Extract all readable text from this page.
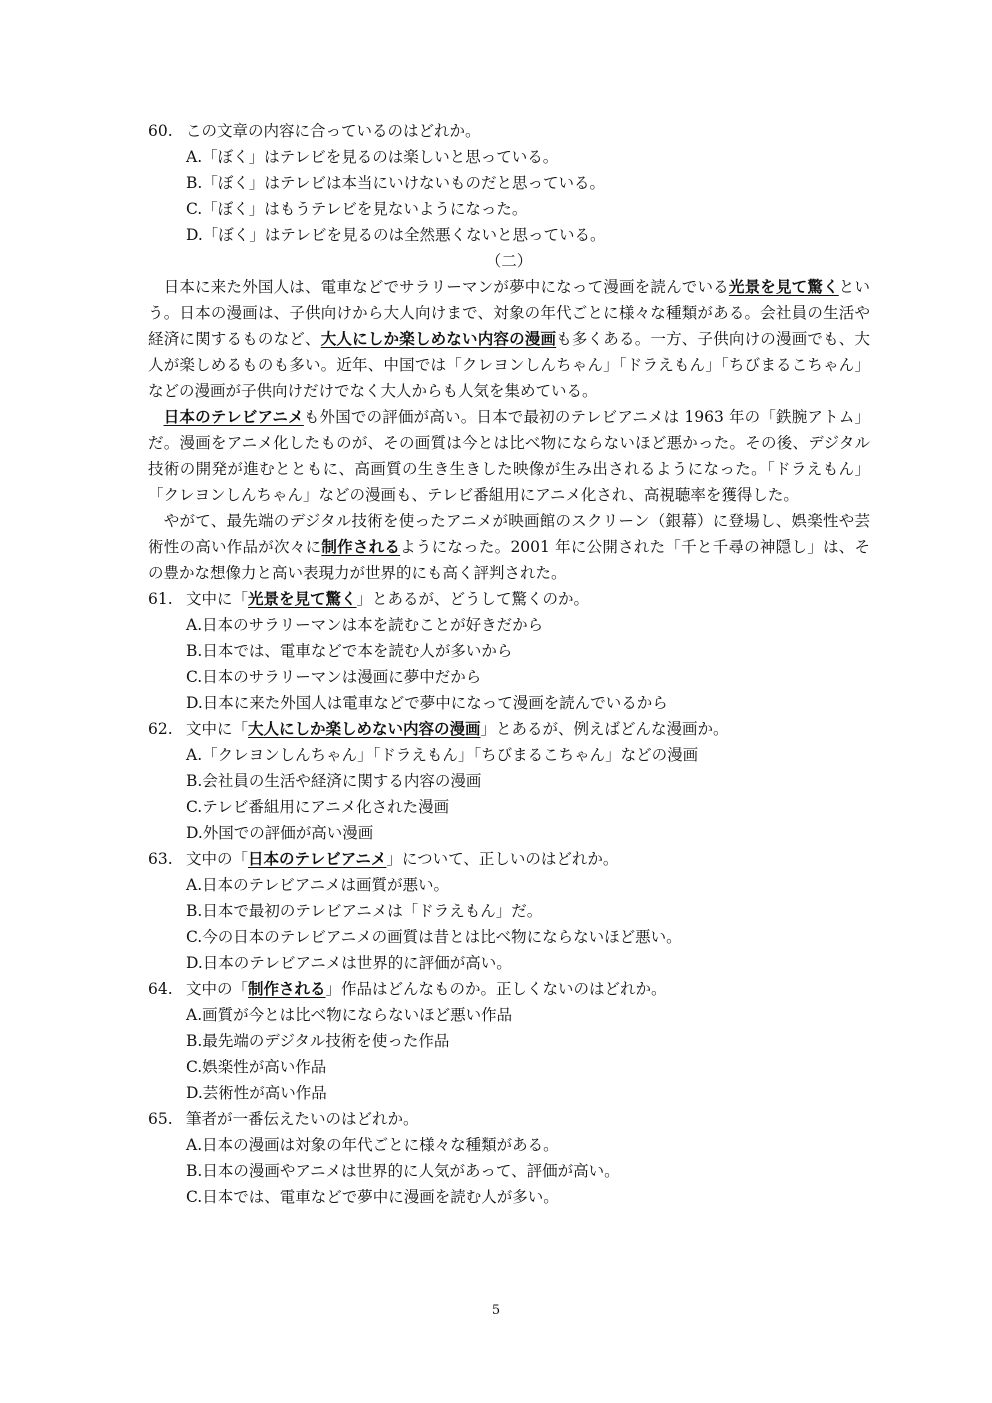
60. この文章の内容に合っているのはどれか。
A.「ぼく」はテレビを見るのは楽しいと思っている。
B.「ぼく」はテレビは本当にいけないものだと思っている。
C.「ぼく」はもうテレビを見ないようになった。
D.「ぼく」はテレビを見るのは全然悪くないと思っている。
（二）
 日本に来た外国人は、電車などでサラリーマンが夢中になって漫画を読んでいる光景を見て驚くという。日本の漫画は、子供向けから大人向けまで、対象の年代ごとに様々な種類がある。会社員の生活や経済に関するものなど、大人にしか楽しめない内容の漫画も多くある。一方、子供向けの漫画でも、大人が楽しめるものも多い。近年、中国では「クレヨンしんちゃん」「ドラえもん」「ちびまるこちゃん」などの漫画が子供向けだけでなく大人からも人気を集めている。
 日本のテレビアニメも外国での評価が高い。日本で最初のテレビアニメは 1963 年の「鉄腕アトム」だ。漫画をアニメ化したものが、その画質は今とは比べ物にならないほど悪かった。その後、デジタル技術の開発が進むとともに、高画質の生き生きした映像が生み出されるようになった。「ドラえもん」「クレヨンしんちゃん」などの漫画も、テレビ番組用にアニメ化され、高視聴率を獲得した。
 やがて、最先端のデジタル技術を使ったアニメが映画館のスクリーン（銀幕）に登場し、娯楽性や芸術性の高い作品が次々に制作されるようになった。2001 年に公開された「千と千尋の神隠し」は、その豊かな想像力と高い表現力が世界的にも高く評判された。
61. 文中に「光景を見て驚く」とあるが、どうして驚くのか。
A.日本のサラリーマンは本を読むことが好きだから
B.日本では、電車などで本を読む人が多いから
C.日本のサラリーマンは漫画に夢中だから
D.日本に来た外国人は電車などで夢中になって漫画を読んでいるから
62. 文中に「大人にしか楽しめない内容の漫画」とあるが、例えばどんな漫画か。
A.「クレヨンしんちゃん」「ドラえもん」「ちびまるこちゃん」などの漫画
B.会社員の生活や経済に関する内容の漫画
C.テレビ番組用にアニメ化された漫画
D.外国での評価が高い漫画
63. 文中の「日本のテレビアニメ」について、正しいのはどれか。
A.日本のテレビアニメは画質が悪い。
B.日本で最初のテレビアニメは「ドラえもん」だ。
C.今の日本のテレビアニメの画質は昔とは比べ物にならないほど悪い。
D.日本のテレビアニメは世界的に評価が高い。
64. 文中の「制作される」作品はどんなものか。正しくないのはどれか。
A.画質が今とは比べ物にならないほど悪い作品
B.最先端のデジタル技術を使った作品
C.娯楽性が高い作品
D.芸術性が高い作品
65. 筆者が一番伝えたいのはどれか。
A.日本の漫画は対象の年代ごとに様々な種類がある。
B.日本の漫画やアニメは世界的に人気があって、評価が高い。
C.日本では、電車などで夢中に漫画を読む人が多い。
5
